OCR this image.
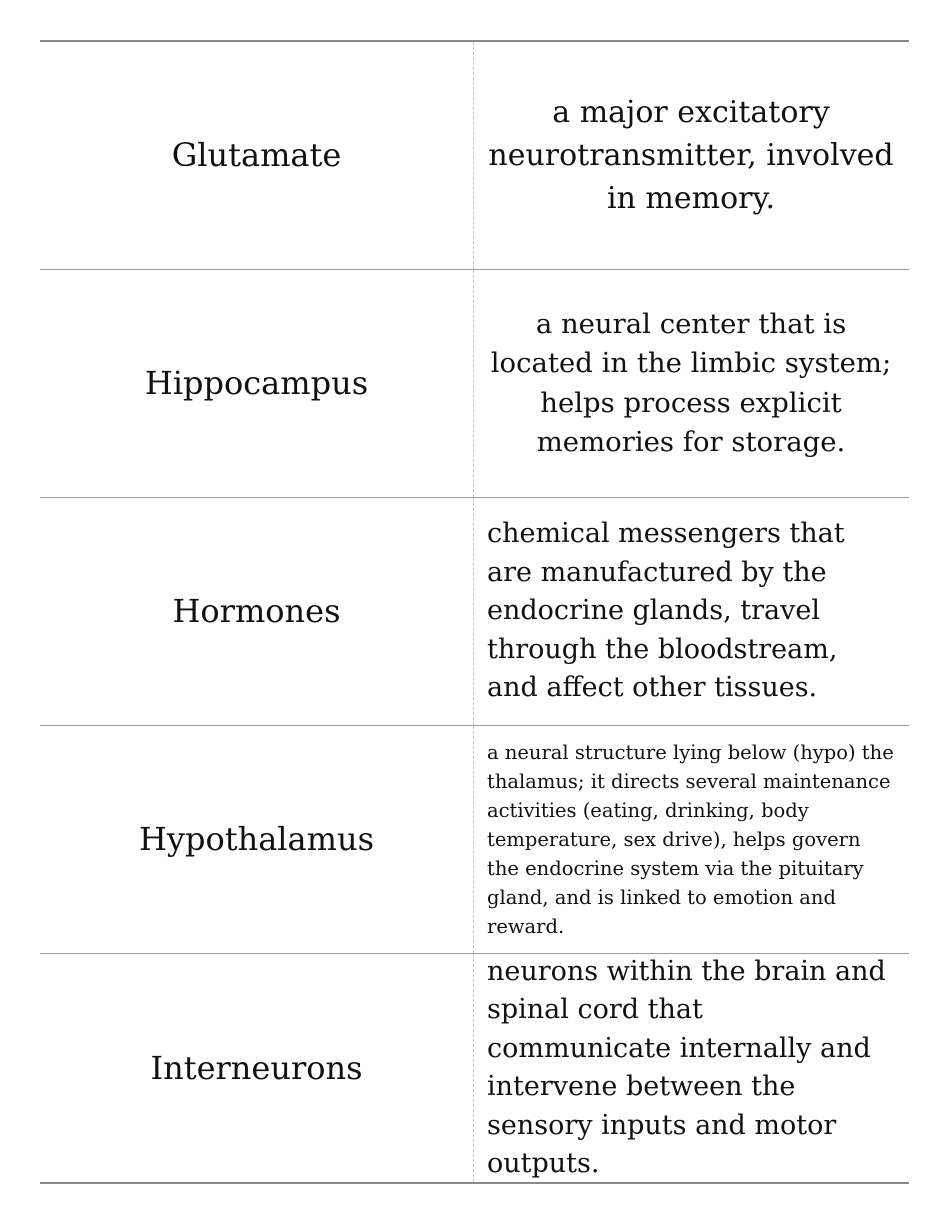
Glutamate
a major excitatory neurotransmitter, involved in memory.
Hippocampus
a neural center that is located in the limbic system; helps process explicit memories for storage.
Hormones
chemical messengers that are manufactured by the endocrine glands, travel through the bloodstream, and affect other tissues.
Hypothalamus
a neural structure lying below (hypo) the thalamus; it directs several maintenance activities (eating, drinking, body temperature, sex drive), helps govern the endocrine system via the pituitary gland, and is linked to emotion and reward.
Interneurons
neurons within the brain and spinal cord that communicate internally and intervene between the sensory inputs and motor outputs.
